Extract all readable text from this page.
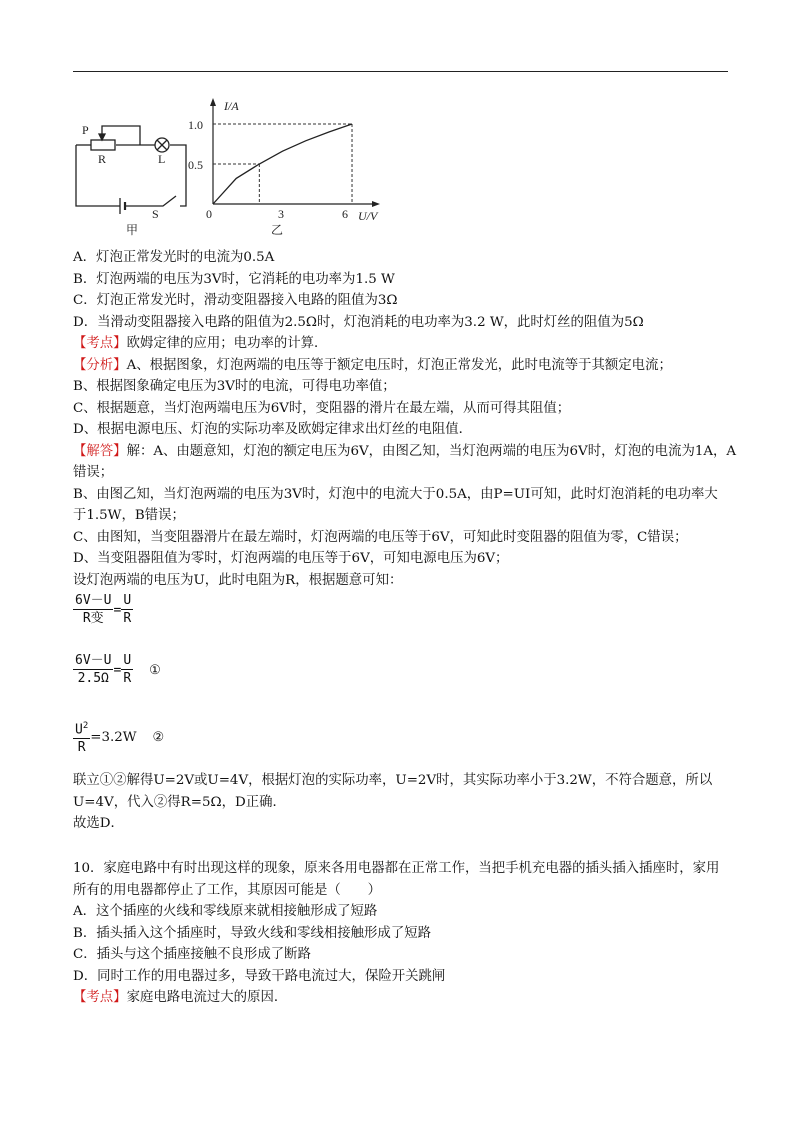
P
R	L
S
甲
I/A
U/V
1.0
0.5
0	3	6
乙
A．灯泡正常发光时的电流为0.5A
B．灯泡两端的电压为3V时，它消耗的电功率为1.5 W
C．灯泡正常发光时，滑动变阻器接入电路的阻值为3Ω
D．当滑动变阻器接入电路的阻值为2.5Ω时，灯泡消耗的电功率为3.2 W，此时灯丝的阻值为5Ω
【考点】欧姆定律的应用；电功率的计算．
【分析】A、根据图象，灯泡两端的电压等于额定电压时，灯泡正常发光，此时电流等于其额定电流；
B、根据图象确定电压为3V时的电流，可得电功率值；
C、根据题意，当灯泡两端电压为6V时，变阻器的滑片在最左端，从而可得其阻值；
D、根据电源电压、灯泡的实际功率及欧姆定律求出灯丝的电阻值．
【解答】解：A、由题意知，灯泡的额定电压为6V，由图乙知，当灯泡两端的电压为6V时，灯泡的电流为1A，A
错误；
B、由图乙知，当灯泡两端的电压为3V时，灯泡中的电流大于0.5A，由P=UI可知，此时灯泡消耗的电功率大
于1.5W，B错误；
C、由图知，当变阻器滑片在最左端时，灯泡两端的电压等于6V，可知此时变阻器的阻值为零，C错误；
D、当变阻器阻值为零时，灯泡两端的电压等于6V，可知电源电压为6V；
设灯泡两端的电压为U，此时电阻为R，根据题意可知：
$\frac{6V-U}{\text{R变}} = \frac{U}{R}$
$\frac{6V-U}{2.5\Omega} = \frac{U}{R}$ ①
$\frac{U^2}{R} =3.2W$ ②
联立①②解得U=2V或U=4V，根据灯泡的实际功率，U=2V时，其实际功率小于3.2W，不符合题意，所以
U=4V，代入②得R=5Ω，D正确．
故选D．
10．家庭电路中有时出现这样的现象，原来各用电器都在正常工作，当把手机充电器的插头插入插座时，家用
所有的用电器都停止了工作，其原因可能是（　　）
A．这个插座的火线和零线原来就相接触形成了短路
B．插头插入这个插座时，导致火线和零线相接触形成了短路
C．插头与这个插座接触不良形成了断路
D．同时工作的用电器过多，导致干路电流过大，保险开关跳闸
【考点】家庭电路电流过大的原因．
